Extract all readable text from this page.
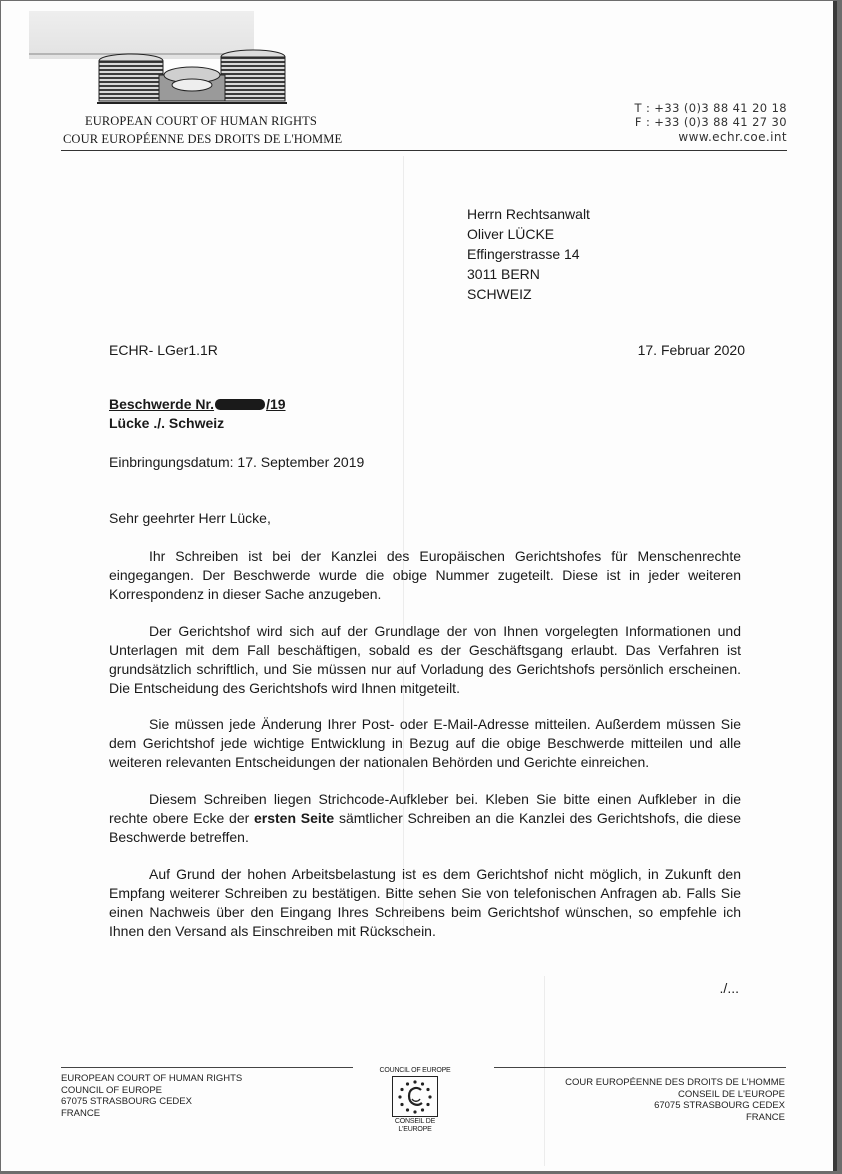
EUROPEAN COURT OF HUMAN RIGHTS
COUR EUROPÉENNE DES DROITS DE L'HOMME
T : +33 (0)3 88 41 20 18
F : +33 (0)3 88 41 27 30
www.echr.coe.int
Herrn Rechtsanwalt
Oliver LÜCKE
Effingerstrasse 14
3011 BERN
SCHWEIZ
ECHR- LGer1.1R	17. Februar 2020
Beschwerde Nr.	/19
Lücke ./. Schweiz
Einbringungsdatum: 17. September 2019
Sehr geehrter Herr Lücke,
Ihr Schreiben ist bei der Kanzlei des Europäischen Gerichtshofes für Menschenrechte eingegangen. Der Beschwerde wurde die obige Nummer zugeteilt. Diese ist in jeder weiteren Korrespondenz in dieser Sache anzugeben.
Der Gerichtshof wird sich auf der Grundlage der von Ihnen vorgelegten Informationen und Unterlagen mit dem Fall beschäftigen, sobald es der Geschäftsgang erlaubt. Das Verfahren ist grundsätzlich schriftlich, und Sie müssen nur auf Vorladung des Gerichtshofs persönlich erscheinen. Die Entscheidung des Gerichtshofs wird Ihnen mitgeteilt.
Sie müssen jede Änderung Ihrer Post- oder E-Mail-Adresse mitteilen. Außerdem müssen Sie dem Gerichtshof jede wichtige Entwicklung in Bezug auf die obige Beschwerde mitteilen und alle weiteren relevanten Entscheidungen der nationalen Behörden und Gerichte einreichen.
Diesem Schreiben liegen Strichcode-Aufkleber bei. Kleben Sie bitte einen Aufkleber in die rechte obere Ecke der ersten Seite sämtlicher Schreiben an die Kanzlei des Gerichtshofs, die diese Beschwerde betreffen.
Auf Grund der hohen Arbeitsbelastung ist es dem Gerichtshof nicht möglich, in Zukunft den Empfang weiterer Schreiben zu bestätigen. Bitte sehen Sie von telefonischen Anfragen ab. Falls Sie einen Nachweis über den Eingang Ihres Schreibens beim Gerichtshof wünschen, so empfehle ich Ihnen den Versand als Einschreiben mit Rückschein.
./...
EUROPEAN COURT OF HUMAN RIGHTS
COUNCIL OF EUROPE
67075 STRASBOURG CEDEX
FRANCE
COUR EUROPÉENNE DES DROITS DE L'HOMME
CONSEIL DE L'EUROPE
67075 STRASBOURG CEDEX
FRANCE
COUNCIL OF EUROPE
CONSEIL DE L'EUROPE
